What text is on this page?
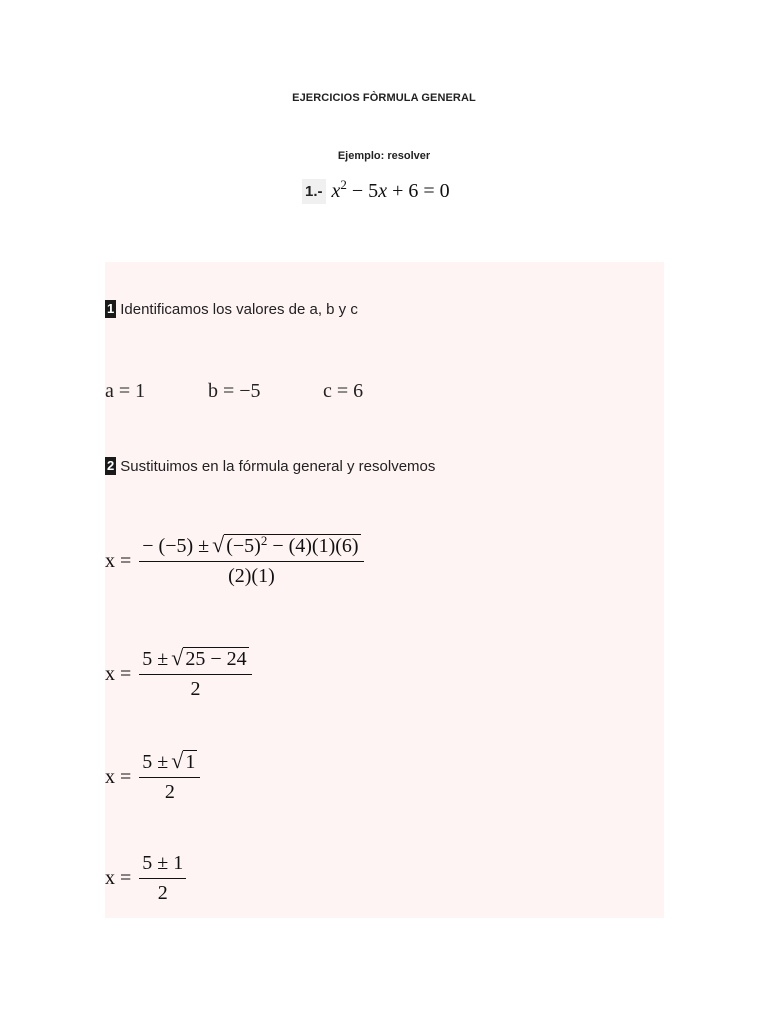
EJERCICIOS FÒRMULA GENERAL
Ejemplo: resolver
1.- $x^2 - 5x + 6 = 0$
1 Identificamos los valores de a, b y c
a = 1	b = −5	c = 6
2 Sustituimos en la fórmula general y resolvemos
$x = \frac{- (-5) \pm √ (-5)^2 - (4)(1)(6)}{(2)(1)}$
$x = \frac{5 \pm √ 25 - 24}{2}$
$x = \frac{5 \pm √ 1}{2}$
$x = \frac{5 \pm 1}{2}$
